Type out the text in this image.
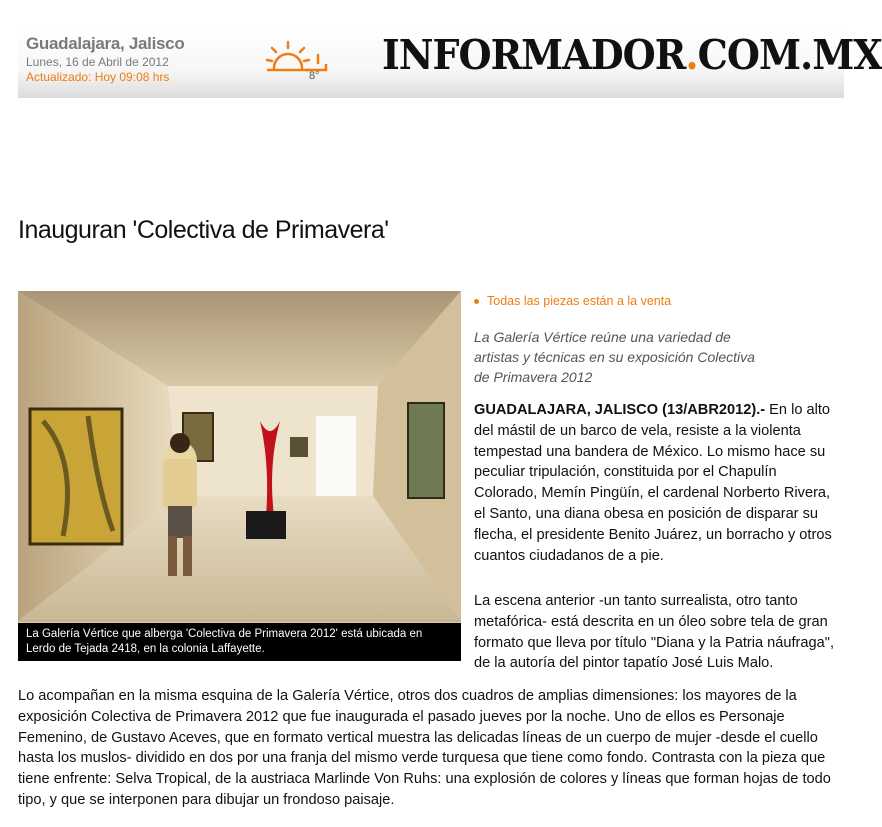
Guadalajara, Jalisco
Lunes, 16 de Abril de 2012
Actualizado: Hoy 09:08 hrs	8° INFORMADOR.COM.MX
Inauguran 'Colectiva de Primavera'
La Galería Vértice que alberga 'Colectiva de Primavera 2012' está ubicada en Lerdo de Tejada 2418, en la colonia Laffayette.
Todas las piezas están a la venta

La Galería Vértice reúne una variedad de artistas y técnicas en su exposición Colectiva de Primavera 2012

GUADALAJARA, JALISCO (13/ABR2012).- En lo alto del mástil de un barco de vela, resiste a la violenta tempestad una bandera de México. Lo mismo hace su peculiar tripulación, constituida por el Chapulín Colorado, Memín Pingüín, el cardenal Norberto Rivera, el Santo, una diana obesa en posición de disparar su flecha, el presidente Benito Juárez, un borracho y otros cuantos ciudadanos de a pie.

La escena anterior -un tanto surrealista, otro tanto metafórica- está descrita en un óleo sobre tela de gran formato que lleva por título "Diana y la Patria náufraga", de la autoría del pintor tapatío José Luis Malo.

Lo acompañan en la misma esquina de la Galería Vértice, otros dos cuadros de amplias dimensiones: los mayores de la exposición Colectiva de Primavera 2012 que fue inaugurada el pasado jueves por la noche. Uno de ellos es Personaje Femenino, de Gustavo Aceves, que en formato vertical muestra las delicadas líneas de un cuerpo de mujer -desde el cuello hasta los muslos- dividido en dos por una franja del mismo verde turquesa que tiene como fondo. Contrasta con la pieza que tiene enfrente: Selva Tropical, de la austriaca Marlinde Von Ruhs: una explosión de colores y líneas que forman hojas de todo tipo, y que se interponen para dibujar un frondoso paisaje.
